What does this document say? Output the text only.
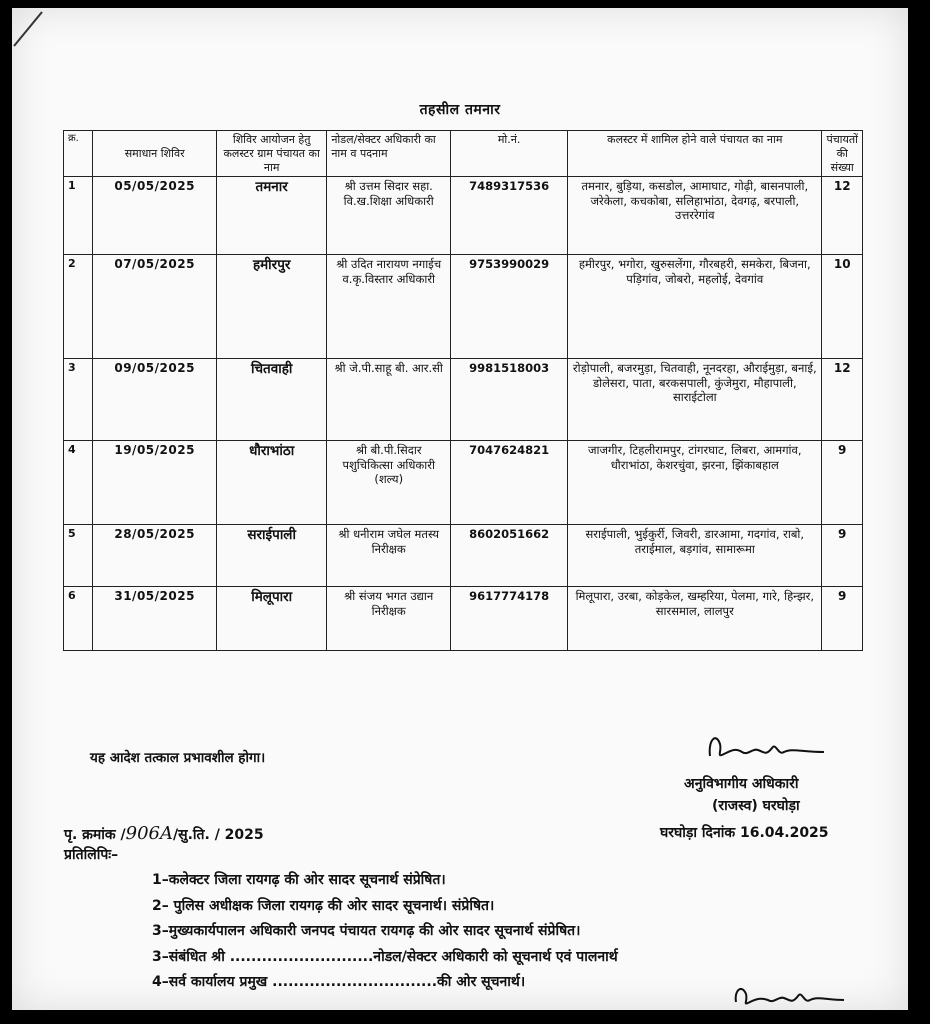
तहसील तमनार
क्र.	समाधान शिविर	शिविर आयोजन हेतु कलस्टर ग्राम पंचायत का नाम	नोडल/सेक्टर अधिकारी का नाम व पदनाम	मो.नं.	कलस्टर में शामिल होने वाले पंचायत का नाम	पंचायतों की संख्या
1	05/05/2025	तमनार	श्री उत्तम सिदार सहा. वि.ख.शिक्षा अधिकारी	7489317536	तमनार, बुड़िया, कसडोल, आमाघाट, गोढ़ी, बासनपाली, जरेकेला, कचकोबा, सलिहाभांठा, देवगढ़, बरपाली, उत्तररेगांव	12
2	07/05/2025	हमीरपुर	श्री उदित नारायण नगाईच व.कृ.विस्तार अधिकारी	9753990029	हमीरपुर, भगोरा, खुरुसलेंगा, गौरबहरी, समकेरा, बिजना, पड़िगांव, जोबरो, महलोई, देवगांव	10
3	09/05/2025	चितवाही	श्री जे.पी.साहू बी. आर.सी	9981518003	रोड़ोपाली, बजरमुड़ा, चितवाही, नूनदरहा, औराईमुड़ा, बनाई, डोलेसरा, पाता, बरकसपाली, कुंजेमुरा, मौहापाली, साराईटोला	12
4	19/05/2025	धौराभांठा	श्री बी.पी.सिदार पशुचिकित्सा अधिकारी (शल्य)	7047624821	जाजगीर, टिहलीरामपुर, टांगरघाट, लिबरा, आमगांव, धौराभांठा, केशरचुंवा, झरना, झिंकाबहाल	9
5	28/05/2025	सराईपाली	श्री धनीराम जघेल मतस्य निरीक्षक	8602051662	सराईपाली, भुईकुर्री, जिवरी, डारआमा, गदगांव, राबो, तराईमाल, बड़गांव, सामारूमा	9
6	31/05/2025	मिलूपारा	श्री संजय भगत उद्यान निरीक्षक	9617774178	मिलूपारा, उरबा, कोड़केल, खम्हरिया, पेलमा, गारे, हिन्झर, सारसमाल, लालपुर	9
यह आदेश तत्काल प्रभावशील होगा।
अनुविभागीय अधिकारी
(राजस्व) घरघोड़ा
पृ. क्रमांक /906A/सु.ति. / 2025	घरघोड़ा दिनांक 16.04.2025
प्रतिलिपिः–
1–कलेक्टर जिला रायगढ़ की ओर सादर सूचनार्थ संप्रेषित।
2– पुलिस अधीक्षक जिला रायगढ़ की ओर सादर सूचनार्थ। संप्रेषित।
3–मुख्यकार्यपालन अधिकारी जनपद पंचायत रायगढ़ की ओर सादर सूचनार्थ संप्रेषित।
3–संबंधित श्री ...........................नोडल/सेक्टर अधिकारी को सूचनार्थ एवं पालनार्थ
4–सर्व कार्यालय प्रमुख ...............................की ओर सूचनार्थ।
